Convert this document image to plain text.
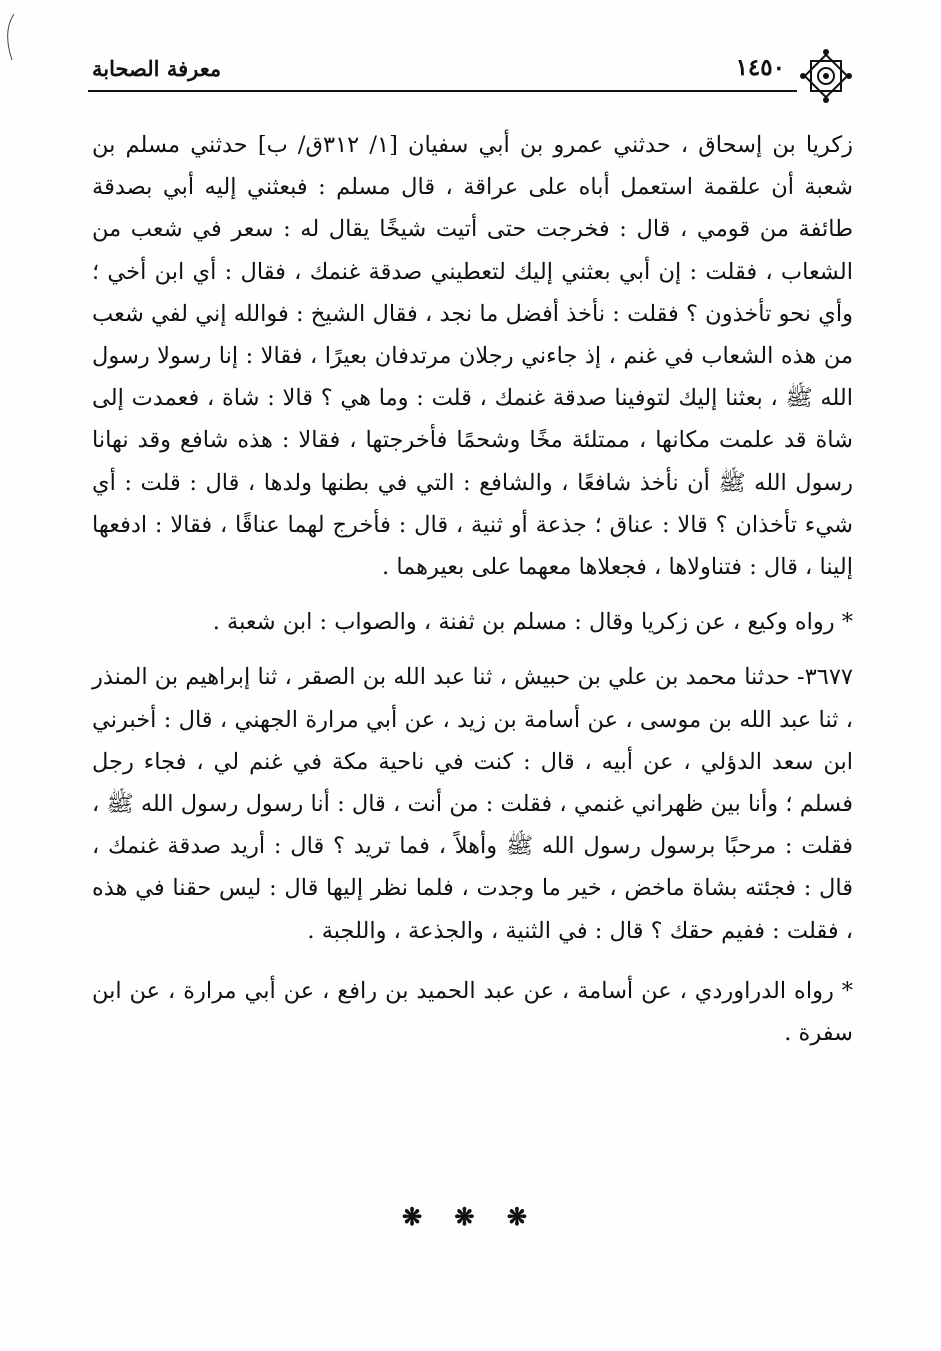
معرفة الصحابة	١٤٥٠

زكريا بن إسحاق ، حدثني عمرو بن أبي سفيان [١/ ٣١٢ق/ ب] حدثني مسلم بن شعبة أن علقمة استعمل أباه على عراقة ، قال مسلم : فبعثني إليه أبي بصدقة طائفة من قومي ، قال : فخرجت حتى أتيت شيخًا يقال له : سعر في شعب من الشعاب ، فقلت : إن أبي بعثني إليك لتعطيني صدقة غنمك ، فقال : أي ابن أخي ؛ وأي نحو تأخذون ؟ فقلت : نأخذ أفضل ما نجد ، فقال الشيخ : فوالله إني لفي شعب من هذه الشعاب في غنم ، إذ جاءني رجلان مرتدفان بعيرًا ، فقالا : إنا رسولا رسول الله ﷺ ، بعثنا إليك لتوفينا صدقة غنمك ، قلت : وما هي ؟ قالا : شاة ، فعمدت إلى شاة قد علمت مكانها ، ممتلئة مخًا وشحمًا فأخرجتها ، فقالا : هذه شافع وقد نهانا رسول الله ﷺ أن نأخذ شافعًا ، والشافع : التي في بطنها ولدها ، قال : قلت : أي شيء تأخذان ؟ قالا : عناق ؛ جذعة أو ثنية ، قال : فأخرج لهما عناقًا ، فقالا : ادفعها إلينا ، قال : فتناولاها ، فجعلاها معهما على بعيرهما .

* رواه وكيع ، عن زكريا وقال : مسلم بن ثفنة ، والصواب : ابن شعبة .

٣٦٧٧- حدثنا محمد بن علي بن حبيش ، ثنا عبد الله بن الصقر ، ثنا إبراهيم بن المنذر ، ثنا عبد الله بن موسى ، عن أسامة بن زيد ، عن أبي مرارة الجهني ، قال : أخبرني ابن سعد الدؤلي ، عن أبيه ، قال : كنت في ناحية مكة في غنم لي ، فجاء رجل فسلم ؛ وأنا بين ظهراني غنمي ، فقلت : من أنت ، قال : أنا رسول رسول الله ﷺ ، فقلت : مرحبًا برسول رسول الله ﷺ وأهلاً ، فما تريد ؟ قال : أريد صدقة غنمك ، قال : فجئته بشاة ماخض ، خير ما وجدت ، فلما نظر إليها قال : ليس حقنا في هذه ، فقلت : ففيم حقك ؟ قال : في الثنية ، والجذعة ، واللجبة .

* رواه الدراوردي ، عن أسامة ، عن عبد الحميد بن رافع ، عن أبي مرارة ، عن ابن سفرة .

❋ ❋ ❋
